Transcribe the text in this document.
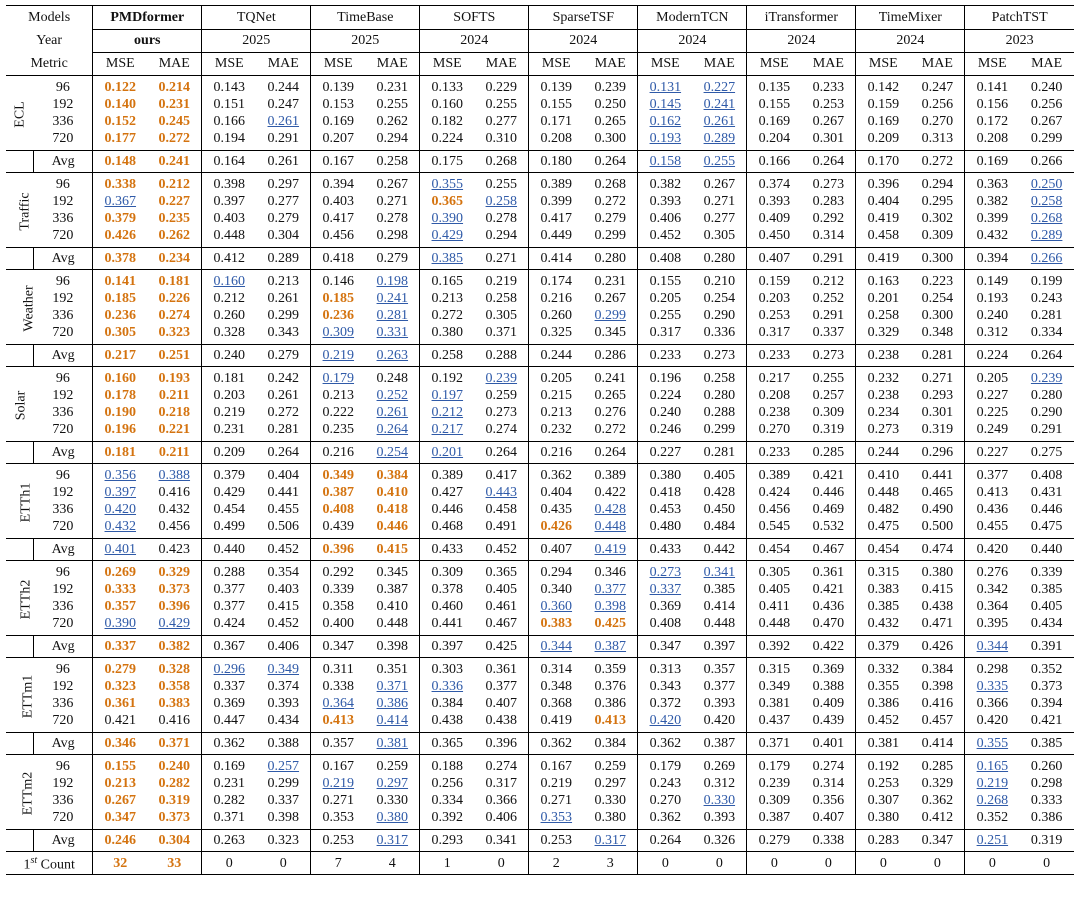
Models		PMDformer		TQNet		TimeBase		SOFTS		SparseTSF		ModernTCN		iTransformer		TimeMixer		PatchTST	
Year		ours		2025		2025		2024		2024		2024		2024		2024		2023	
Metric		MSE	MAE	MSE	MAE	MSE	MAE	MSE	MAE	MSE	MAE	MSE	MAE	MSE	MAE	MSE	MAE	MSE	MAE
ECL	96	0.122	0.214	0.143	0.244	0.139	0.231	0.133	0.229	0.139	0.239	0.131	0.227	0.135	0.233	0.142	0.247	0.141	0.240
	192	0.140	0.231	0.151	0.247	0.153	0.255	0.160	0.255	0.155	0.250	0.145	0.241	0.155	0.253	0.159	0.256	0.156	0.256
	336	0.152	0.245	0.166	0.261	0.169	0.262	0.182	0.277	0.171	0.265	0.162	0.261	0.169	0.267	0.169	0.270	0.172	0.267
	720	0.177	0.272	0.194	0.291	0.207	0.294	0.224	0.310	0.208	0.300	0.193	0.289	0.204	0.301	0.209	0.313	0.208	0.299
	Avg	0.148	0.241	0.164	0.261	0.167	0.258	0.175	0.268	0.180	0.264	0.158	0.255	0.166	0.264	0.170	0.272	0.169	0.266
Traffic	96	0.338	0.212	0.398	0.297	0.394	0.267	0.355	0.255	0.389	0.268	0.382	0.267	0.374	0.273	0.396	0.294	0.363	0.250
	192	0.367	0.227	0.397	0.277	0.403	0.271	0.365	0.258	0.399	0.272	0.393	0.271	0.393	0.283	0.404	0.295	0.382	0.258
	336	0.379	0.235	0.403	0.279	0.417	0.278	0.390	0.278	0.417	0.279	0.406	0.277	0.409	0.292	0.419	0.302	0.399	0.268
	720	0.426	0.262	0.448	0.304	0.456	0.298	0.429	0.294	0.449	0.299	0.452	0.305	0.450	0.314	0.458	0.309	0.432	0.289
	Avg	0.378	0.234	0.412	0.289	0.418	0.279	0.385	0.271	0.414	0.280	0.408	0.280	0.407	0.291	0.419	0.300	0.394	0.266
Weather	96	0.141	0.181	0.160	0.213	0.146	0.198	0.165	0.219	0.174	0.231	0.155	0.210	0.159	0.212	0.163	0.223	0.149	0.199
	192	0.185	0.226	0.212	0.261	0.185	0.241	0.213	0.258	0.216	0.267	0.205	0.254	0.203	0.252	0.201	0.254	0.193	0.243
	336	0.236	0.274	0.260	0.299	0.236	0.281	0.272	0.305	0.260	0.299	0.255	0.290	0.253	0.291	0.258	0.300	0.240	0.281
	720	0.305	0.323	0.328	0.343	0.309	0.331	0.380	0.371	0.325	0.345	0.317	0.336	0.317	0.337	0.329	0.348	0.312	0.334
	Avg	0.217	0.251	0.240	0.279	0.219	0.263	0.258	0.288	0.244	0.286	0.233	0.273	0.233	0.273	0.238	0.281	0.224	0.264
Solar	96	0.160	0.193	0.181	0.242	0.179	0.248	0.192	0.239	0.205	0.241	0.196	0.258	0.217	0.255	0.232	0.271	0.205	0.239
	192	0.178	0.211	0.203	0.261	0.213	0.252	0.197	0.259	0.215	0.265	0.224	0.280	0.208	0.257	0.238	0.293	0.227	0.280
	336	0.190	0.218	0.219	0.272	0.222	0.261	0.212	0.273	0.213	0.276	0.240	0.288	0.238	0.309	0.234	0.301	0.225	0.290
	720	0.196	0.221	0.231	0.281	0.235	0.264	0.217	0.274	0.232	0.272	0.246	0.299	0.270	0.319	0.273	0.319	0.249	0.291
	Avg	0.181	0.211	0.209	0.264	0.216	0.254	0.201	0.264	0.216	0.264	0.227	0.281	0.233	0.285	0.244	0.296	0.227	0.275
ETTh1	96	0.356	0.388	0.379	0.404	0.349	0.384	0.389	0.417	0.362	0.389	0.380	0.405	0.389	0.421	0.410	0.441	0.377	0.408
	192	0.397	0.416	0.429	0.441	0.387	0.410	0.427	0.443	0.404	0.422	0.418	0.428	0.424	0.446	0.448	0.465	0.413	0.431
	336	0.420	0.432	0.454	0.455	0.408	0.418	0.446	0.458	0.435	0.428	0.453	0.450	0.456	0.469	0.482	0.490	0.436	0.446
	720	0.432	0.456	0.499	0.506	0.439	0.446	0.468	0.491	0.426	0.448	0.480	0.484	0.545	0.532	0.475	0.500	0.455	0.475
	Avg	0.401	0.423	0.440	0.452	0.396	0.415	0.433	0.452	0.407	0.419	0.433	0.442	0.454	0.467	0.454	0.474	0.420	0.440
ETTh2	96	0.269	0.329	0.288	0.354	0.292	0.345	0.309	0.365	0.294	0.346	0.273	0.341	0.305	0.361	0.315	0.380	0.276	0.339
	192	0.333	0.373	0.377	0.403	0.339	0.387	0.378	0.405	0.340	0.377	0.337	0.385	0.405	0.421	0.383	0.415	0.342	0.385
	336	0.357	0.396	0.377	0.415	0.358	0.410	0.460	0.461	0.360	0.398	0.369	0.414	0.411	0.436	0.385	0.438	0.364	0.405
	720	0.390	0.429	0.424	0.452	0.400	0.448	0.441	0.467	0.383	0.425	0.408	0.448	0.448	0.470	0.432	0.471	0.395	0.434
	Avg	0.337	0.382	0.367	0.406	0.347	0.398	0.397	0.425	0.344	0.387	0.347	0.397	0.392	0.422	0.379	0.426	0.344	0.391
ETTm1	96	0.279	0.328	0.296	0.349	0.311	0.351	0.303	0.361	0.314	0.359	0.313	0.357	0.315	0.369	0.332	0.384	0.298	0.352
	192	0.323	0.358	0.337	0.374	0.338	0.371	0.336	0.377	0.348	0.376	0.343	0.377	0.349	0.388	0.355	0.398	0.335	0.373
	336	0.361	0.383	0.369	0.393	0.364	0.386	0.384	0.407	0.368	0.386	0.372	0.393	0.381	0.409	0.386	0.416	0.366	0.394
	720	0.421	0.416	0.447	0.434	0.413	0.414	0.438	0.438	0.419	0.413	0.420	0.420	0.437	0.439	0.452	0.457	0.420	0.421
	Avg	0.346	0.371	0.362	0.388	0.357	0.381	0.365	0.396	0.362	0.384	0.362	0.387	0.371	0.401	0.381	0.414	0.355	0.385
ETTm2	96	0.155	0.240	0.169	0.257	0.167	0.259	0.188	0.274	0.167	0.259	0.179	0.269	0.179	0.274	0.192	0.285	0.165	0.260
	192	0.213	0.282	0.231	0.299	0.219	0.297	0.256	0.317	0.219	0.297	0.243	0.312	0.239	0.314	0.253	0.329	0.219	0.298
	336	0.267	0.319	0.282	0.337	0.271	0.330	0.334	0.366	0.271	0.330	0.270	0.330	0.309	0.356	0.307	0.362	0.268	0.333
	720	0.347	0.373	0.371	0.398	0.353	0.380	0.392	0.406	0.353	0.380	0.362	0.393	0.387	0.407	0.380	0.412	0.352	0.386
	Avg	0.246	0.304	0.263	0.323	0.253	0.317	0.293	0.341	0.253	0.317	0.264	0.326	0.279	0.338	0.283	0.347	0.251	0.319
1st Count		32	33	0	0	7	4	1	0	2	3	0	0	0	0	0	0	0	0
